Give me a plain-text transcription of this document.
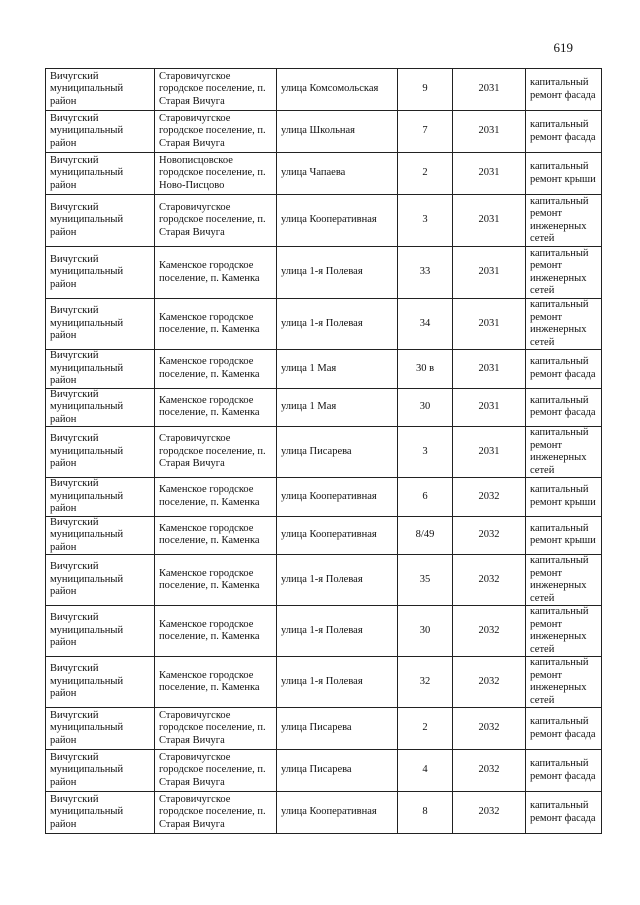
619
Вичугский муниципальный район	Старовичугское городское поселение, п. Старая Вичуга	улица Комсомольская	9	2031	капитальный ремонт фасада
Вичугский муниципальный район	Старовичугское городское поселение, п. Старая Вичуга	улица Школьная	7	2031	капитальный ремонт фасада
Вичугский муниципальный район	Новописцовское городское поселение, п. Ново-Писцово	улица Чапаева	2	2031	капитальный ремонт крыши
Вичугский муниципальный район	Старовичугское городское поселение, п. Старая Вичуга	улица Кооперативная	3	2031	капитальный ремонт инженерных сетей
Вичугский муниципальный район	Каменское городское поселение, п. Каменка	улица 1-я Полевая	33	2031	капитальный ремонт инженерных сетей
Вичугский муниципальный район	Каменское городское поселение, п. Каменка	улица 1-я Полевая	34	2031	капитальный ремонт инженерных сетей
Вичугский муниципальный район	Каменское городское поселение, п. Каменка	улица 1 Мая	30 в	2031	капитальный ремонт фасада
Вичугский муниципальный район	Каменское городское поселение, п. Каменка	улица 1 Мая	30	2031	капитальный ремонт фасада
Вичугский муниципальный район	Старовичугское городское поселение, п. Старая Вичуга	улица Писарева	3	2031	капитальный ремонт инженерных сетей
Вичугский муниципальный район	Каменское городское поселение, п. Каменка	улица Кооперативная	6	2032	капитальный ремонт крыши
Вичугский муниципальный район	Каменское городское поселение, п. Каменка	улица Кооперативная	8/49	2032	капитальный ремонт крыши
Вичугский муниципальный район	Каменское городское поселение, п. Каменка	улица 1-я Полевая	35	2032	капитальный ремонт инженерных сетей
Вичугский муниципальный район	Каменское городское поселение, п. Каменка	улица 1-я Полевая	30	2032	капитальный ремонт инженерных сетей
Вичугский муниципальный район	Каменское городское поселение, п. Каменка	улица 1-я Полевая	32	2032	капитальный ремонт инженерных сетей
Вичугский муниципальный район	Старовичугское городское поселение, п. Старая Вичуга	улица Писарева	2	2032	капитальный ремонт фасада
Вичугский муниципальный район	Старовичугское городское поселение, п. Старая Вичуга	улица Писарева	4	2032	капитальный ремонт фасада
Вичугский муниципальный район	Старовичугское городское поселение, п. Старая Вичуга	улица Кооперативная	8	2032	капитальный ремонт фасада
